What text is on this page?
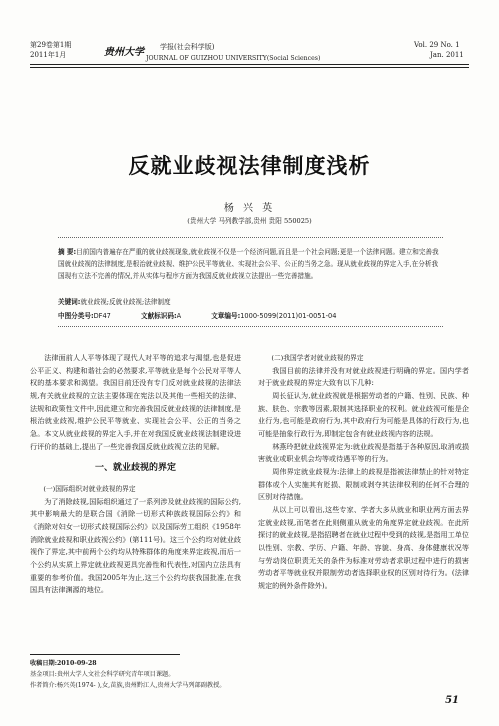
第29卷第1期
2011年1月	贵州大学 学报(社会科学版)
JOURNAL OF GUIZHOU UNIVERSITY(Social Sciences)
Vol. 29 No. 1
Jan. 2011
反就业歧视法律制度浅析
杨 兴 英
(贵州大学 马列教学部,贵州 贵阳 550025)
摘 要:目前国内普遍存在严重的就业歧视现象,就业歧视不仅是一个经济问题,而且是一个社会问题;更是一个法律问题。建立和完善我国就业歧视的法律制度,是根治就业歧视、维护公民平等就业、实现社会公平、公正的当务之急。现从就业歧视的界定入手,在分析我国现有立法不完善的情况,并从实体与程序方面为我国反就业歧视立法提出一些完善措施。
关键词:就业歧视;反就业歧视;法律制度
中图分类号:DF47	文献标识码:A	文章编号:1000-5099(2011)01-0051-04

法律面前人人平等体现了现代人对平等的追求与渴望,也是促进公平正义、构建和谐社会的必然要求,平等就业是每个公民对平等人权的基本要求和渴望。我国目前还没有专门反对就业歧视的法律法规,有关就业歧视的立法主要体现在宪法以及其他一些相关的法律、法规和政策性文件中,因此建立和完善我国反就业歧视的法律制度,是根治就业歧视,维护公民平等就业、实现社会公平、公正的当务之急。本文从就业歧视的界定入手,并在对我国反就业歧视法制建设进行评价的基础上,提出了一些完善我国反就业歧视立法的见解。

一、就业歧视的界定

(一)国际组织对就业歧视的界定

为了消除歧视,国际组织通过了一系列涉及就业歧视的国际公约,其中影响最大的是联合国《消除一切形式种族歧视国际公约》和《消除对妇女一切形式歧视国际公约》以及国际劳工组织《1958年消除就业歧视和职业歧视公约》(第111号)。这三个公约均对就业歧视作了界定,其中前两个公约均从特殊群体的角度来界定歧视,而后一个公约从实质上界定就业歧视更具完善性和代表性,对国内立法具有重要的参考价值。我国2005年为止,这三个公约均获我国批准,在我国具有法律渊源的地位。

(二)我国学者对就业歧视的界定

我国目前的法律并没有对就业歧视进行明确的界定。国内学者对于就业歧视的界定大致有以下几种:

周长征认为,就业歧视就是根据劳动者的户籍、性别、民族、种族、肤色、宗教等因素,限制其选择职业的权利。就业歧视可能是企业行为,也可能是政府行为,其中政府行为可能是具体的行政行为,也可能是抽象行政行为,即制定包含有就业歧视内容的法规。

林燕玲把就业歧视界定为:就业歧视是指基于各种原因,取消或损害就业或职业机会均等或待遇平等的行为。

周伟界定就业歧视为:法律上的歧视是指被法律禁止的针对特定群体或个人实施其有贬损、限制或剥夺其法律权利的任何不合理的区别对待措施。

从以上可以看出,这些专家、学者大多从就业和职业两方面去界定就业歧视,而笔者在此则侧重从就业的角度界定就业歧视。在此所探讨的就业歧视,是指招聘者在就业过程中受到的歧视,是指用工单位以性别、宗教、学历、户籍、年龄、容貌、身高、身体健康状况等与劳动岗位职责无关的条件为标准对劳动者求职过程中进行的损害劳动者平等就业权并限制劳动者选择职业权的区别对待行为。(法律规定的例外条件除外)。

收稿日期:2010-09-28
基金项目:贵州大学人文社会科学研究青年项目课题。
作者简介:杨兴英(1974- ),女,苗族,贵州黔江人,贵州大学马列部副教授。
51
